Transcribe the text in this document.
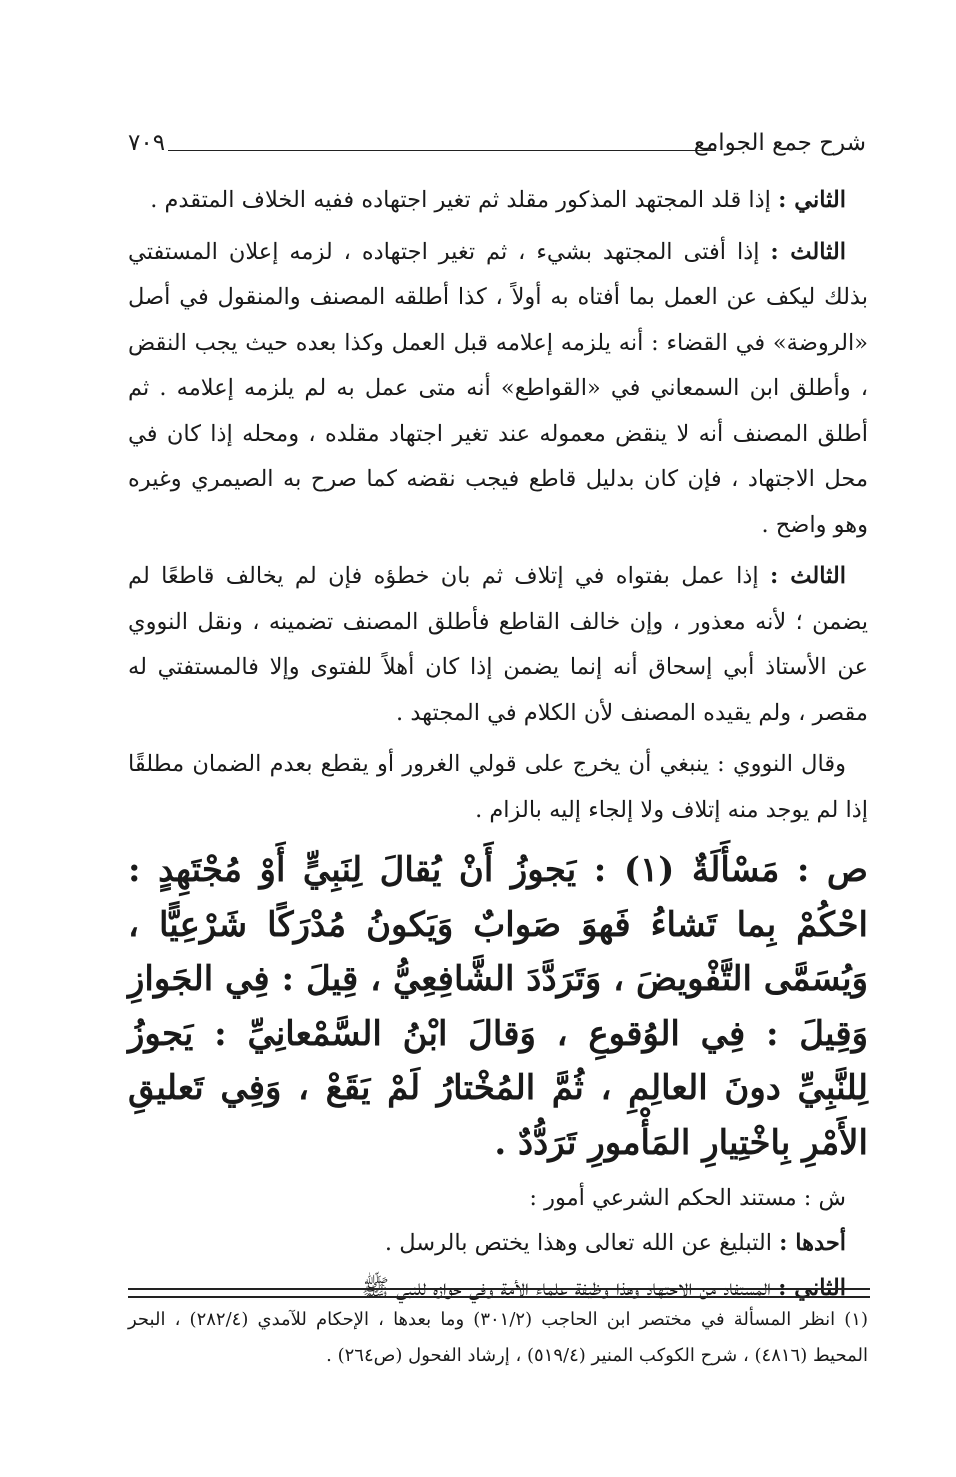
شرح جمع الجوامع
٧٠٩

الثاني : إذا قلد المجتهد المذكور مقلد ثم تغير اجتهاده ففيه الخلاف المتقدم .

الثالث : إذا أفتى المجتهد بشيء ، ثم تغير اجتهاده ، لزمه إعلان المستفتي بذلك ليكف عن العمل بما أفتاه به أولاً ، كذا أطلقه المصنف والمنقول في أصل «الروضة» في القضاء : أنه يلزمه إعلامه قبل العمل وكذا بعده حيث يجب النقض ، وأطلق ابن السمعاني في «القواطع» أنه متى عمل به لم يلزمه إعلامه . ثم أطلق المصنف أنه لا ينقض معموله عند تغير اجتهاد مقلده ، ومحله إذا كان في محل الاجتهاد ، فإن كان بدليل قاطع فيجب نقضه كما صرح به الصيمري وغيره وهو واضح .

الثالث : إذا عمل بفتواه في إتلاف ثم بان خطؤه فإن لم يخالف قاطعًا لم يضمن ؛ لأنه معذور ، وإن خالف القاطع فأطلق المصنف تضمينه ، ونقل النووي عن الأستاذ أبي إسحاق أنه إنما يضمن إذا كان أهلاً للفتوى وإلا فالمستفتي له مقصر ، ولم يقيده المصنف لأن الكلام في المجتهد .

وقال النووي : ينبغي أن يخرج على قولي الغرور أو يقطع بعدم الضمان مطلقًا إذا لم يوجد منه إتلاف ولا إلجاء إليه بالزام .

ص : مَسْأَلَةٌ (١) : يَجوزُ أَنْ يُقالَ لِنَبِيٍّ أَوْ مُجْتَهِدٍ : احْكُمْ بِما تَشاءُ فَهوَ صَوابٌ وَيَكونُ مُدْرَكًا شَرْعِيًّا ، وَيُسَمَّى التَّفْويضَ ، وَتَرَدَّدَ الشَّافِعِيُّ ، قِيلَ : فِي الجَوازِ وَقِيلَ : فِي الوُقوعِ ، وَقالَ ابْنُ السَّمْعانِيِّ : يَجوزُ لِلنَّبِيِّ دونَ العالِمِ ، ثُمَّ المُخْتارُ لَمْ يَقَعْ ، وَفِي تَعليقِ الأَمْرِ بِاخْتِيارِ المَأْمورِ تَرَدُّدٌ .

ش : مستند الحكم الشرعي أمور :

أحدها : التبليغ عن الله تعالى وهذا يختص بالرسل .

الثاني : المستفاد من الاجتهاد وهذا وظيفة علماء الأمة وفي جوازه للنبي ﷺ

(١) انظر المسألة في مختصر ابن الحاجب (٣٠١/٢) وما بعدها ، الإحكام للآمدي (٢٨٢/٤) ، البحر المحيط (٤٨١٦) ، شرح الكوكب المنير (٥١٩/٤) ، إرشاد الفحول (ص٢٦٤) .
